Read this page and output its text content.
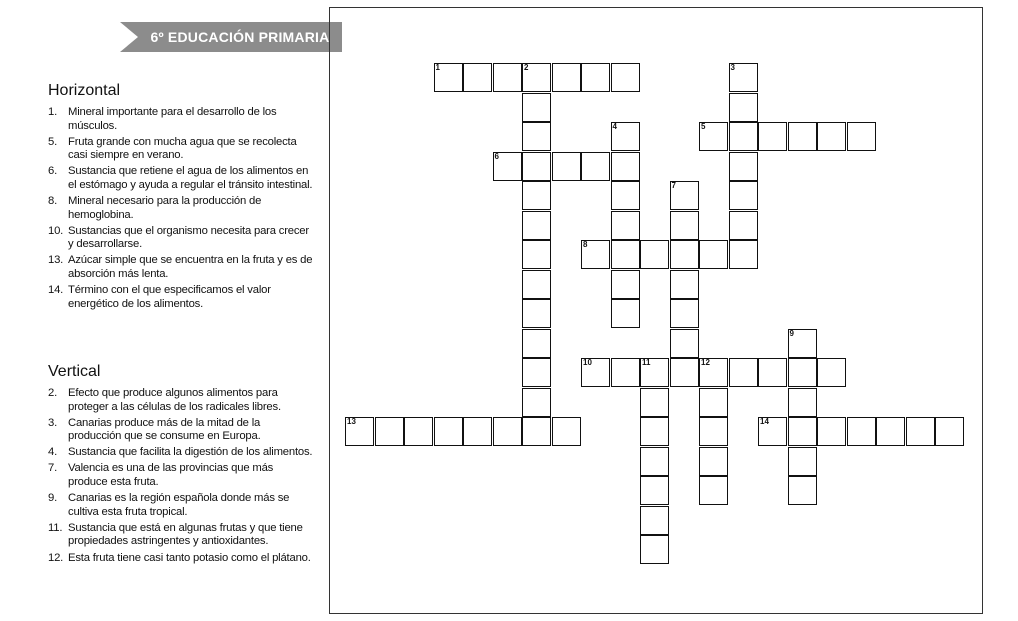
6º EDUCACIÓN PRIMARIA
Horizontal
1. Mineral importante para el desarrollo de los músculos.
5. Fruta grande con mucha agua que se recolecta casi siempre en verano.
6. Sustancia que retiene el agua de los alimentos en el estómago y ayuda a regular el tránsito intestinal.
8. Mineral necesario para la producción de hemoglobina.
10. Sustancias que el organismo necesita para crecer y desarrollarse.
13. Azúcar simple que se encuentra en la fruta y es de absorción más lenta.
14. Término con el que especificamos el valor energético de los alimentos.
Vertical
2. Efecto que produce algunos alimentos para proteger a las células de los radicales libres.
3. Canarias produce más de la mitad de la producción que se consume en Europa.
4. Sustancia que facilita la digestión de los alimentos.
7. Valencia es una de las provincias que más produce esta fruta.
9. Canarias es la región española donde más se cultiva esta fruta tropical.
11. Sustancia que está en algunas frutas y que tiene propiedades astringentes y antioxidantes.
12. Esta fruta tiene casi tanto potasio como el plátano.
1	2	3
4	5
6
7
8
9
10	11	12
13	14
